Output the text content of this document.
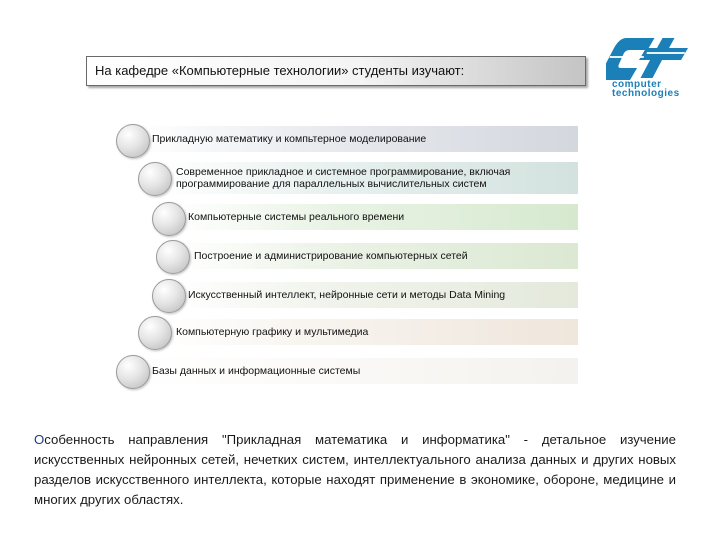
На кафедре «Компьютерные технологии» студенты изучают:
computer
technologies
Прикладную математику и компьтерное моделирование
Современное прикладное и системное программирование, включая программирование для параллельных вычислительных систем
Компьютерные системы реального времени
Построение и администрирование компьютерных сетей
Искусственный интеллект, нейронные сети и методы Data Mining
Компьютерную графику и мультимедиа
Базы данных и информационные системы
Особенность направления "Прикладная математика и информатика" - детальное изучение искусственных нейронных сетей, нечетких систем, интеллектуального анализа данных и других новых разделов искусственного интеллекта, которые находят применение в экономике, обороне, медицине и многих других областях.
